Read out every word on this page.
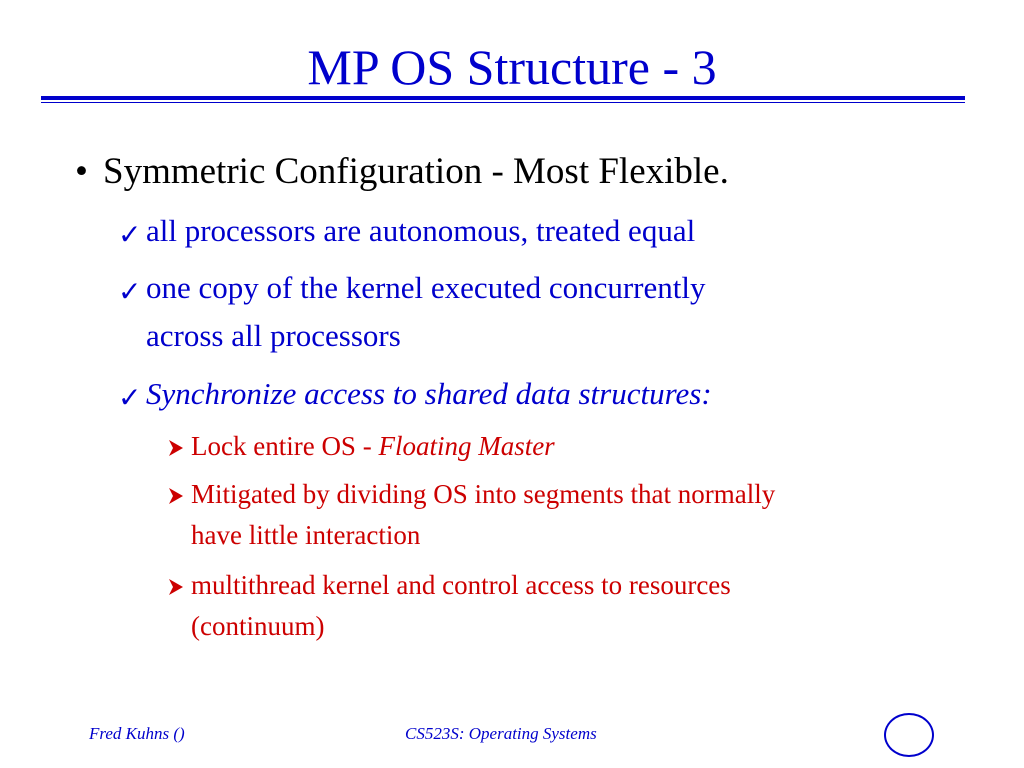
MP OS Structure - 3
• Symmetric Configuration - Most Flexible.
✓ all processors are autonomous, treated equal
✓ one copy of the kernel executed concurrently
across all processors
✓ Synchronize access to shared data structures:
Lock entire OS - Floating Master
Mitigated by dividing OS into segments that normally
have little interaction
multithread kernel and control access to resources
(continuum)
Fred Kuhns ()	CS523S: Operating Systems
